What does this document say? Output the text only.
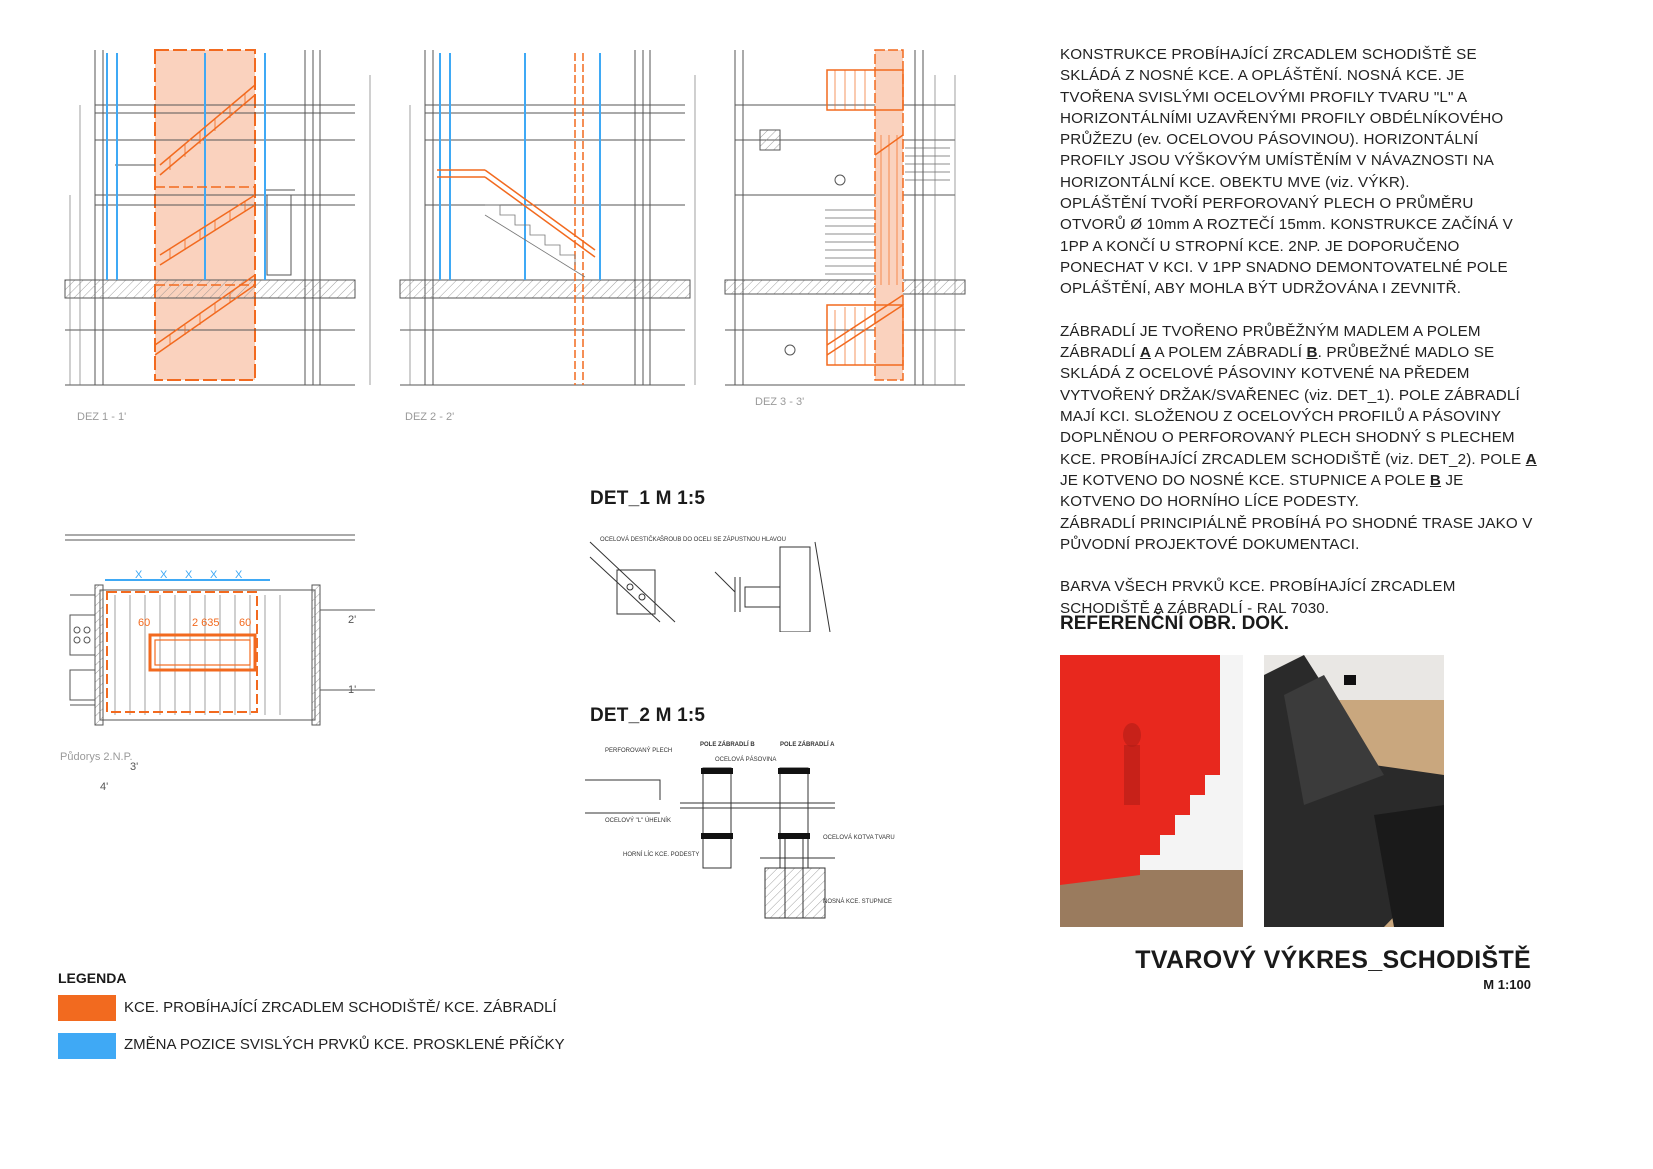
DEZ 1 - 1'	DEZ 2 - 2'
DEZ 3 - 3'
X X X X X
2 635
60	60	2'
1'
3'
4'
Půdorys 2.N.P.
DET_1 M 1:5
OCELOVÁ DESTIČKA ŠROUB DO OCELI SE ZÁPUSTNOU HLAVOU
DET_2 M 1:5
PERFOROVANÝ PLECH
OCELOVÝ "L" ÚHELNÍK
POLE ZÁBRADLÍ B	POLE ZÁBRADLÍ A
OCELOVÁ PÁSOVINA
HORNÍ LÍC KCE. PODESTY
OCELOVÁ KOTVA TVARU
NOSNÁ KCE. STUPNICE
KONSTRUKCE PROBÍHAJÍCÍ ZRCADLEM SCHODIŠTĚ SE SKLÁDÁ Z NOSNÉ KCE. A OPLÁŠTĚNÍ. NOSNÁ KCE. JE TVOŘENA SVISLÝMI OCELOVÝMI PROFILY TVARU "L" A HORIZONTÁLNÍMI UZAVŘENÝMI PROFILY OBDÉLNÍKOVÉHO PRŮŽEZU (ev. OCELOVOU PÁSOVINOU). HORIZONTÁLNÍ PROFILY JSOU VÝŠKOVÝM UMÍSTĚNÍM V NÁVAZNOSTI NA HORIZONTÁLNÍ KCE. OBEKTU MVE (viz. VÝKR).

OPLÁŠTĚNÍ TVOŘÍ PERFOROVANÝ PLECH O PRŮMĚRU OTVORŮ Ø 10mm A ROZTEČÍ 15mm. KONSTRUKCE ZAČÍNÁ V 1PP A KONČÍ U STROPNÍ KCE. 2NP. JE DOPORUČENO PONECHAT V KCI. V 1PP SNADNO DEMONTOVATELNÉ POLE OPLÁŠTĚNÍ, ABY MOHLA BÝT UDRŽOVÁNA I ZEVNITŘ.

ZÁBRADLÍ JE TVOŘENO PRŮBĚŽNÝM MADLEM A POLEM ZÁBRADLÍ A A POLEM ZÁBRADLÍ B. PRŮBEŽNÉ MADLO SE SKLÁDÁ Z OCELOVÉ PÁSOVINY KOTVENÉ NA PŘEDEM VYTVOŘENÝ DRŽAK/SVAŘENEC (viz. DET_1). POLE ZÁBRADLÍ MAJÍ KCI. SLOŽENOU Z OCELOVÝCH PROFILŮ A PÁSOVINY DOPLNĚNOU O PERFOROVANÝ PLECH SHODNÝ S PLECHEM KCE. PROBÍHAJÍCÍ ZRCADLEM SCHODIŠTĚ (viz. DET_2). POLE A JE KOTVENO DO NOSNÉ KCE. STUPNICE A POLE B JE KOTVENO DO HORNÍHO LÍCE PODESTY.
ZÁBRADLÍ PRINCIPIÁLNĚ PROBÍHÁ PO SHODNÉ TRASE JAKO V PŮVODNÍ PROJEKTOVÉ DOKUMENTACI.

BARVA VŠECH PRVKŮ KCE. PROBÍHAJÍCÍ ZRCADLEM SCHODIŠTĚ A ZÁBRADLÍ - RAL 7030.

REFERENČNÍ OBR. DOK.
TVAROVÝ VÝKRES_SCHODIŠTĚ
M 1:100
LEGENDA
KCE. PROBÍHAJÍCÍ ZRCADLEM SCHODIŠTĚ/ KCE. ZÁBRADLÍ
ZMĚNA POZICE SVISLÝCH PRVKŮ KCE. PROSKLENÉ PŘÍČKY
